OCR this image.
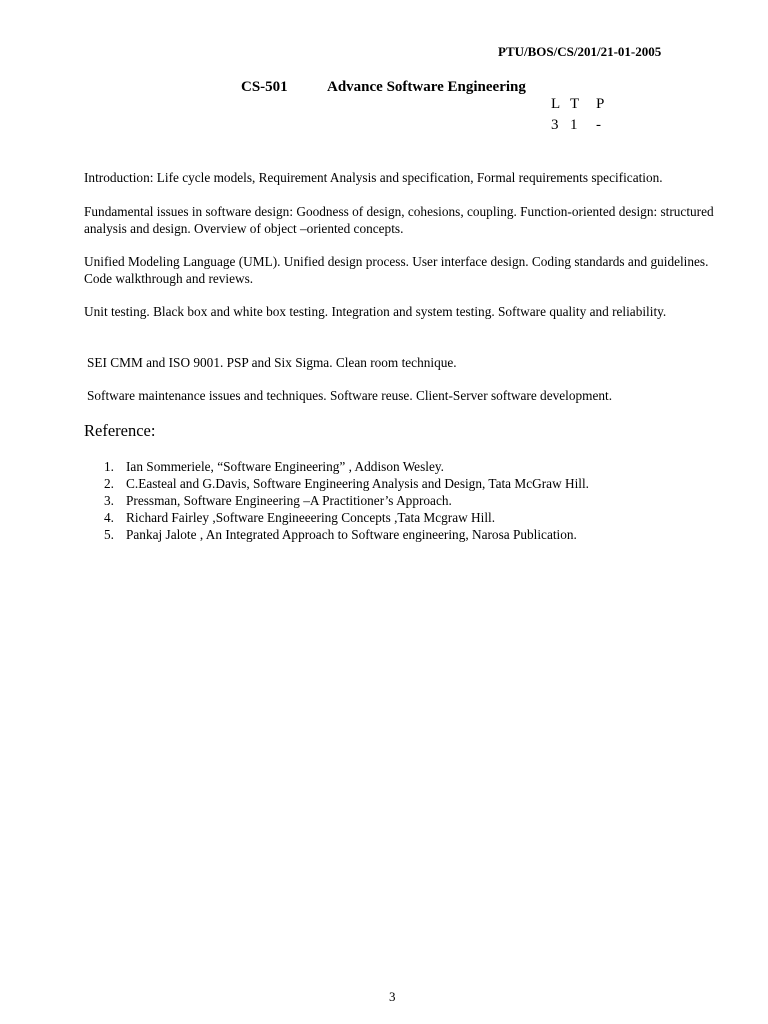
PTU/BOS/CS/201/21-01-2005
CS-501	Advance Software Engineering
L T P
3 1 -

Introduction: Life cycle models, Requirement Analysis and specification, Formal requirements specification.

Fundamental issues in software design: Goodness of design, cohesions, coupling. Function-oriented design: structured analysis and design. Overview of object –oriented concepts.

Unified Modeling Language (UML). Unified design process. User interface design. Coding standards and guidelines. Code walkthrough and reviews.

Unit testing. Black box and white box testing. Integration and system testing. Software quality and reliability.

SEI CMM and ISO 9001. PSP and Six Sigma. Clean room technique.

Software maintenance issues and techniques. Software reuse. Client-Server software development.

Reference:
1. Ian Sommeriele, “Software Engineering” , Addison Wesley.
2. C.Easteal and G.Davis, Software Engineering Analysis and Design, Tata McGraw Hill.
3. Pressman, Software Engineering –A Practitioner’s Approach.
4. Richard Fairley ,Software Engineeering Concepts ,Tata Mcgraw Hill.
5. Pankaj Jalote , An Integrated Approach to Software engineering, Narosa Publication.
3
